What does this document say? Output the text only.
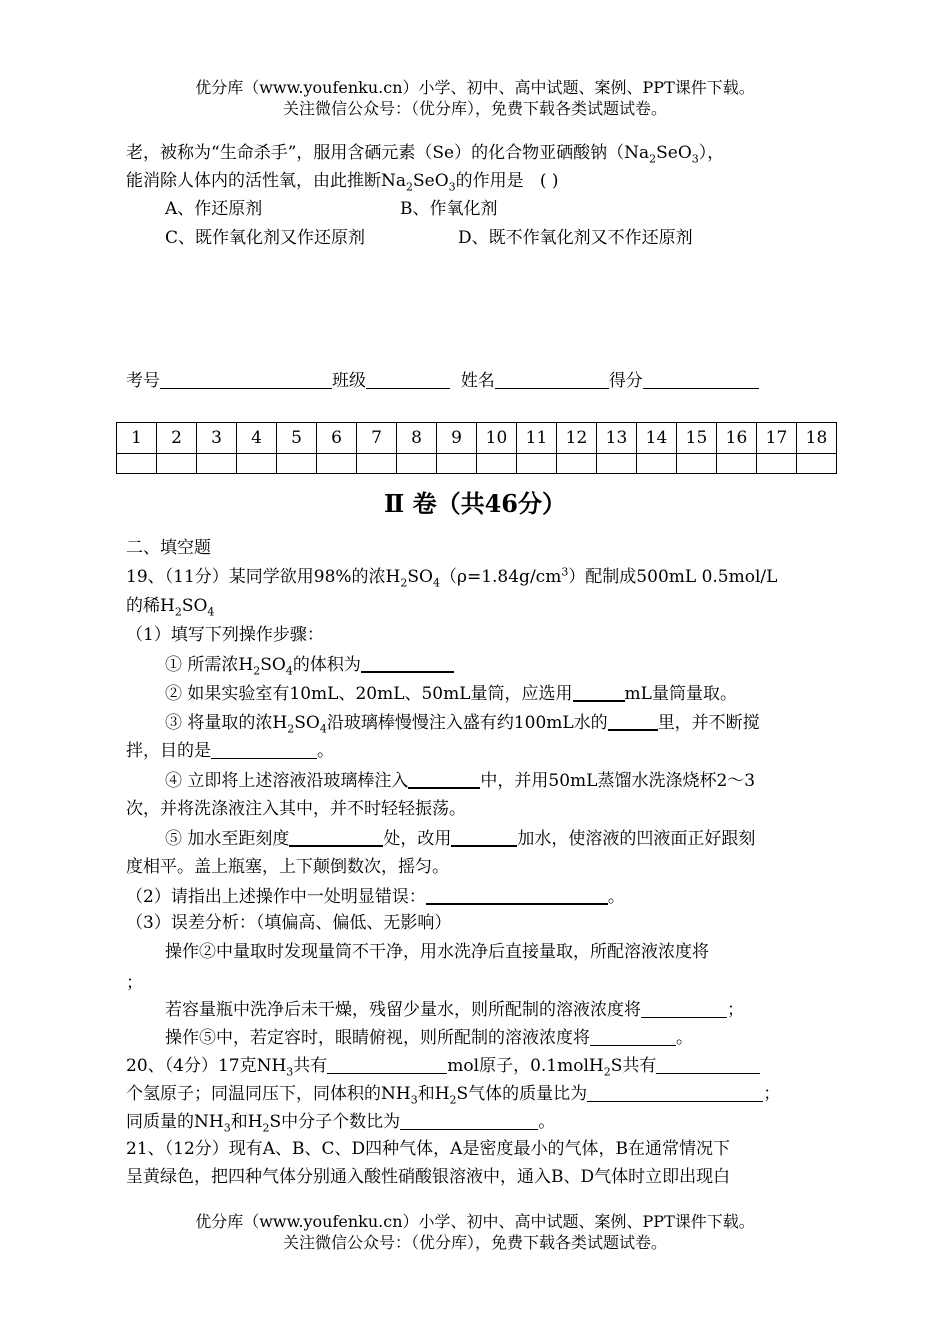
优分库（www.youfenku.cn）小学、初中、高中试题、案例、PPT课件下载。
关注微信公众号：（优分库），免费下载各类试题试卷。
老，被称为“生命杀手”，服用含硒元素（Se）的化合物亚硒酸钠$(Na_2SeO_3)$，
能消除人体内的活性氧，由此推断$Na_2SeO_3$的作用是 ( )
A、作还原剂	B、作氧化剂
C、既作氧化剂又作还原剂	D、既不作氧化剂又不作还原剂
考号	班级	姓名	得分
1	2	3	4	5	6	7	8	9	10	11	12	13	14	15	16	17	18

Ⅱ 卷（共46分）
二、填空题
19、（11分）某同学欲用98%的浓$H_2SO_4(\rho=1.84g/cm^3)$配制成500mL 0.5mol/L
的稀$H_2SO_4$
（1）填写下列操作步骤：
① 所需浓$H_2SO_4$的体积为
② 如果实验室有10mL、20mL、50mL量筒，应选用	mL量筒量取。
③ 将量取的浓$H_2SO_4$沿玻璃棒慢慢注入盛有约100mL水的	里，并不断搅
拌，目的是	。
④ 立即将上述溶液沿玻璃棒注入	中，并用50mL蒸馏水洗涤烧杯2～3
次，并将洗涤液注入其中，并不时轻轻振荡。
⑤ 加水至距刻度	处，改用	加水，使溶液的凹液面正好跟刻
度相平。盖上瓶塞，上下颠倒数次，摇匀。
（2）请指出上述操作中一处明显错误：	。
（3）误差分析：（填偏高、偏低、无影响）
操作②中量取时发现量筒不干净，用水洗净后直接量取，所配溶液浓度将
；
若容量瓶中洗净后未干燥，残留少量水，则所配制的溶液浓度将	；
操作⑤中，若定容时，眼睛俯视，则所配制的溶液浓度将	。
20、（4分）17克$NH_3$共有	mol原子，0.1molH$_2$S共有
个氢原子；同温同压下，同体积的$NH_3$和$H_2S$气体的质量比为	；
同质量的$NH_3$和$H_2S$中分子个数比为	。
21、（12分）现有A、B、C、D四种气体，A是密度最小的气体，B在通常情况下
呈黄绿色，把四种气体分别通入酸性硝酸银溶液中，通入B、D气体时立即出现白
优分库（www.youfenku.cn）小学、初中、高中试题、案例、PPT课件下载。
关注微信公众号：（优分库），免费下载各类试题试卷。
